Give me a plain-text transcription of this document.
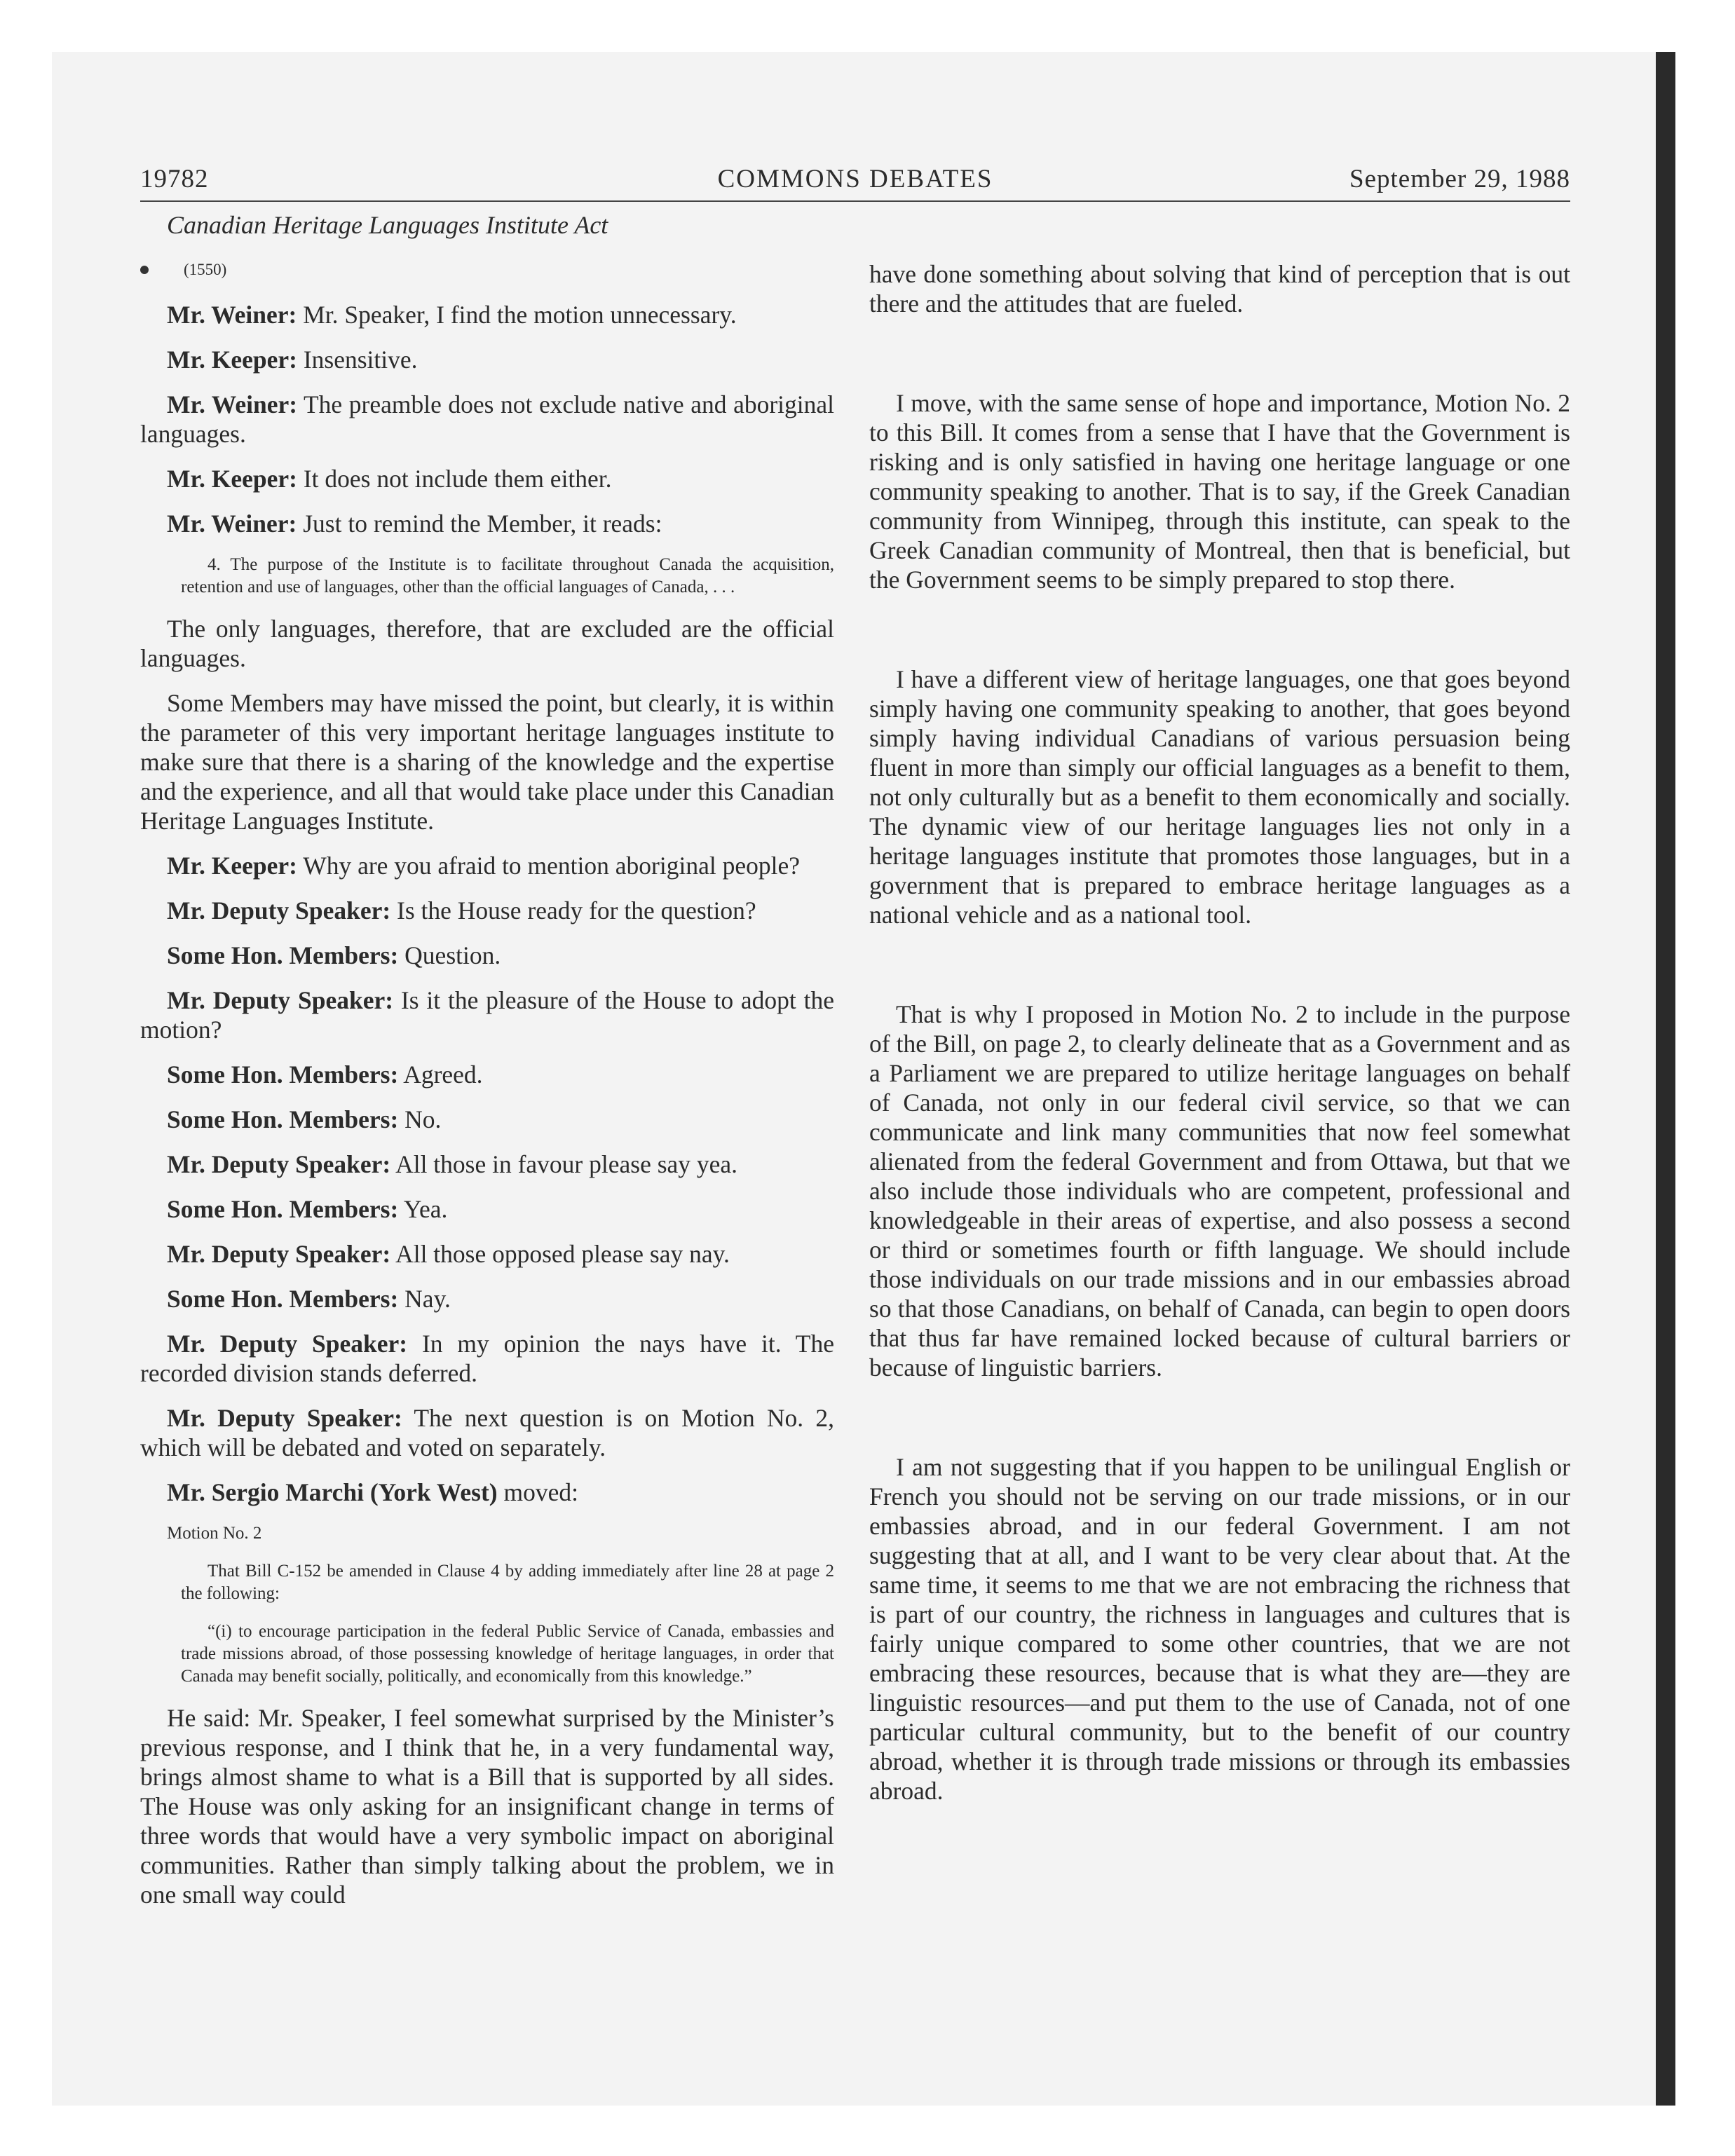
19782	COMMONS DEBATES	September 29, 1988

Canadian Heritage Languages Institute Act

(1550)

Mr. Weiner: Mr. Speaker, I find the motion unnecessary.

Mr. Keeper: Insensitive.

Mr. Weiner: The preamble does not exclude native and aboriginal languages.

Mr. Keeper: It does not include them either.

Mr. Weiner: Just to remind the Member, it reads:

4. The purpose of the Institute is to facilitate throughout Canada the acquisition, retention and use of languages, other than the official languages of Canada, . . .

The only languages, therefore, that are excluded are the official languages.

Some Members may have missed the point, but clearly, it is within the parameter of this very important heritage languages institute to make sure that there is a sharing of the knowledge and the expertise and the experience, and all that would take place under this Canadian Heritage Languages Institute.

Mr. Keeper: Why are you afraid to mention aboriginal people?

Mr. Deputy Speaker: Is the House ready for the question?

Some Hon. Members: Question.

Mr. Deputy Speaker: Is it the pleasure of the House to adopt the motion?

Some Hon. Members: Agreed.

Some Hon. Members: No.

Mr. Deputy Speaker: All those in favour please say yea.

Some Hon. Members: Yea.

Mr. Deputy Speaker: All those opposed please say nay.

Some Hon. Members: Nay.

Mr. Deputy Speaker: In my opinion the nays have it. The recorded division stands deferred.

Mr. Deputy Speaker: The next question is on Motion No. 2, which will be debated and voted on separately.

Mr. Sergio Marchi (York West) moved:

Motion No. 2

That Bill C-152 be amended in Clause 4 by adding immediately after line 28 at page 2 the following:

“(i) to encourage participation in the federal Public Service of Canada, embassies and trade missions abroad, of those possessing knowledge of heritage languages, in order that Canada may benefit socially, politically, and economically from this knowledge.”

He said: Mr. Speaker, I feel somewhat surprised by the Minister’s previous response, and I think that he, in a very fundamental way, brings almost shame to what is a Bill that is supported by all sides. The House was only asking for an insignificant change in terms of three words that would have a very symbolic impact on aboriginal communities. Rather than simply talking about the problem, we in one small way could

have done something about solving that kind of perception that is out there and the attitudes that are fueled.

I move, with the same sense of hope and importance, Motion No. 2 to this Bill. It comes from a sense that I have that the Government is risking and is only satisfied in having one heritage language or one community speaking to another. That is to say, if the Greek Canadian community from Winnipeg, through this institute, can speak to the Greek Canadian community of Montreal, then that is beneficial, but the Government seems to be simply prepared to stop there.

I have a different view of heritage languages, one that goes beyond simply having one community speaking to another, that goes beyond simply having individual Canadians of various persuasion being fluent in more than simply our official languages as a benefit to them, not only culturally but as a benefit to them economically and socially. The dynamic view of our heritage languages lies not only in a heritage languages institute that promotes those languages, but in a government that is prepared to embrace heritage languages as a national vehicle and as a national tool.

That is why I proposed in Motion No. 2 to include in the purpose of the Bill, on page 2, to clearly delineate that as a Government and as a Parliament we are prepared to utilize heritage languages on behalf of Canada, not only in our federal civil service, so that we can communicate and link many communities that now feel somewhat alienated from the federal Government and from Ottawa, but that we also include those individuals who are competent, professional and knowledgeable in their areas of expertise, and also possess a second or third or sometimes fourth or fifth language. We should include those individuals on our trade missions and in our embassies abroad so that those Canadians, on behalf of Canada, can begin to open doors that thus far have remained locked because of cultural barriers or because of linguistic barriers.

I am not suggesting that if you happen to be unilingual English or French you should not be serving on our trade missions, or in our embassies abroad, and in our federal Government. I am not suggesting that at all, and I want to be very clear about that. At the same time, it seems to me that we are not embracing the richness that is part of our country, the richness in languages and cultures that is fairly unique compared to some other countries, that we are not embracing these resources, because that is what they are—they are linguistic resources—and put them to the use of Canada, not of one particular cultural community, but to the benefit of our country abroad, whether it is through trade missions or through its embassies abroad.
